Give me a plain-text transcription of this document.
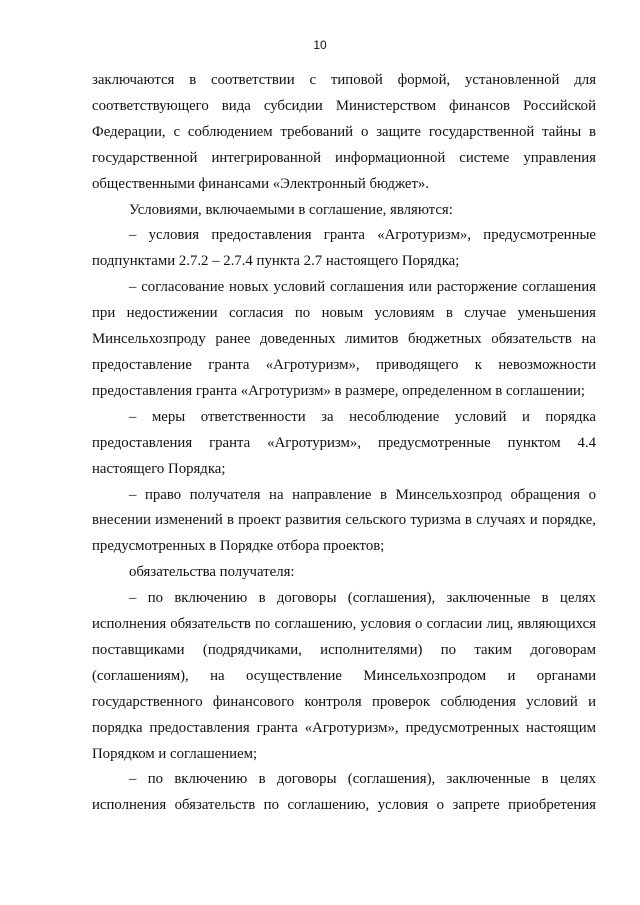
10

заключаются в соответствии с типовой формой, установленной для соответствующего вида субсидии Министерством финансов Российской Федерации, с соблюдением требований о защите государственной тайны в государственной интегрированной информационной системе управления общественными финансами «Электронный бюджет».

Условиями, включаемыми в соглашение, являются:

– условия предоставления гранта «Агротуризм», предусмотренные подпунктами 2.7.2 – 2.7.4 пункта 2.7 настоящего Порядка;

– согласование новых условий соглашения или расторжение соглашения при недостижении согласия по новым условиям в случае уменьшения Минсельхозпроду ранее доведенных лимитов бюджетных обязательств на предоставление гранта «Агротуризм», приводящего к невозможности предоставления гранта «Агротуризм» в размере, определенном в соглашении;

– меры ответственности за несоблюдение условий и порядка предоставления гранта «Агротуризм», предусмотренные пунктом 4.4 настоящего Порядка;

– право получателя на направление в Минсельхозпрод обращения о внесении изменений в проект развития сельского туризма в случаях и порядке, предусмотренных в Порядке отбора проектов;

обязательства получателя:

– по включению в договоры (соглашения), заключенные в целях исполнения обязательств по соглашению, условия о согласии лиц, являющихся поставщиками (подрядчиками, исполнителями) по таким договорам (соглашениям), на осуществление Минсельхозпродом и органами государственного финансового контроля проверок соблюдения условий и порядка предоставления гранта «Агротуризм», предусмотренных настоящим Порядком и соглашением;

– по включению в договоры (соглашения), заключенные в целях исполнения обязательств по соглашению, условия о запрете приобретения
